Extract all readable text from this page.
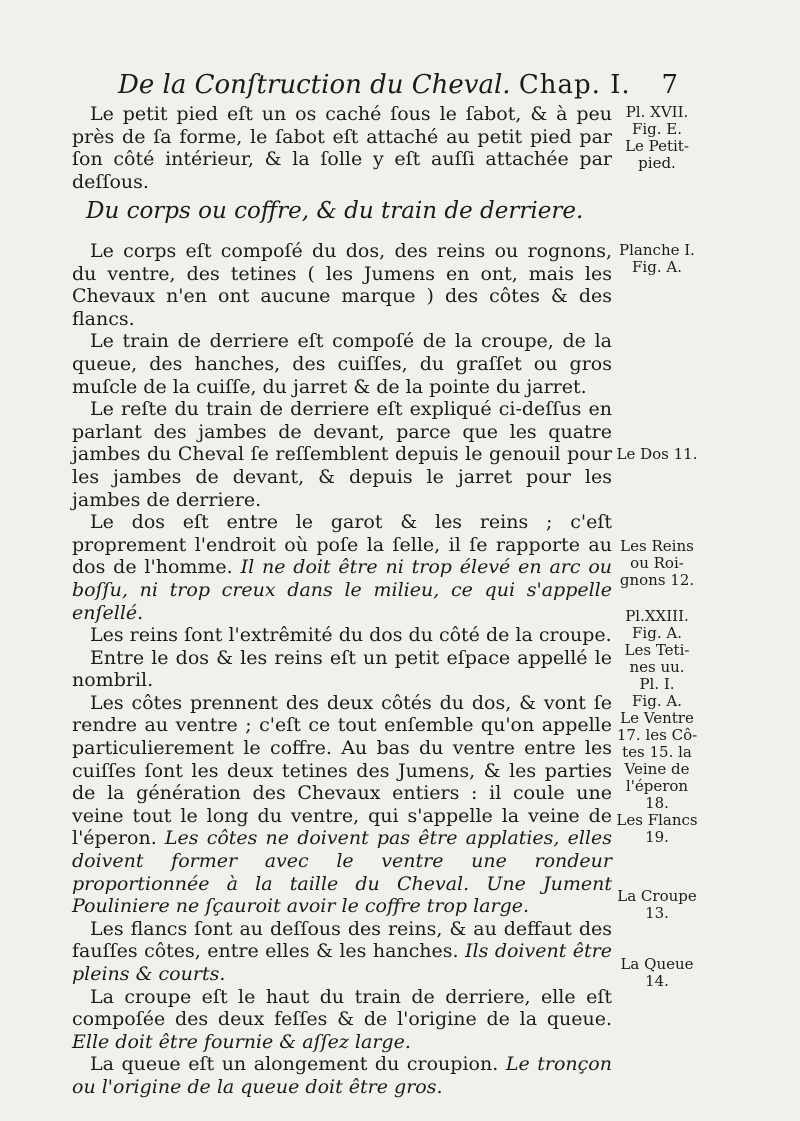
De la Conſtruction du Cheval. Chap. I. 7

Le petit pied eſt un os caché ſous le ſabot, & à peu près de ſa forme, le ſabot eſt attaché au petit pied par ſon côté intérieur, & la ſolle y eſt auſſi attachée par deſſous.

Du corps ou coffre, & du train de derriere.

Le corps eſt compoſé du dos, des reins ou rognons, du ventre, des tetines ( les Jumens en ont, mais les Chevaux n'en ont aucune marque ) des côtes & des flancs.

Le train de derriere eſt compoſé de la croupe, de la queue, des hanches, des cuiſſes, du graſſet ou gros muſcle de la cuiſſe, du jarret & de la pointe du jarret.

Le reſte du train de derriere eſt expliqué ci-deſſus en parlant des jambes de devant, parce que les quatre jambes du Cheval ſe reſſemblent depuis le genouil pour les jambes de devant, & depuis le jarret pour les jambes de derriere.

Le dos eſt entre le garot & les reins ; c'eſt proprement l'endroit où poſe la ſelle, il ſe rapporte au dos de l'homme. Il ne doit être ni trop élevé en arc ou boſſu, ni trop creux dans le milieu, ce qui s'appelle enſellé.

Les reins ſont l'extrêmité du dos du côté de la croupe.

Entre le dos & les reins eſt un petit eſpace appellé le nombril.

Les côtes prennent des deux côtés du dos, & vont ſe rendre au ventre ; c'eſt ce tout enſemble qu'on appelle particulierement le coffre. Au bas du ventre entre les cuiſſes ſont les deux tetines des Jumens, & les parties de la génération des Chevaux entiers : il coule une veine tout le long du ventre, qui s'appelle la veine de l'éperon. Les côtes ne doivent pas être applaties, elles doivent former avec le ventre une rondeur proportionnée à la taille du Cheval. Une Jument Pouliniere ne ſçauroit avoir le coffre trop large.

Les flancs ſont au deſſous des reins, & au deffaut des fauſſes côtes, entre elles & les hanches. Ils doivent être pleins & courts.

La croupe eſt le haut du train de derriere, elle eſt compoſée des deux feſſes & de l'origine de la queue. Elle doit être fournie & aſſez large.

La queue eſt un alongement du croupion. Le tronçon ou l'origine de la queue doit être gros.

Pl. XVII.
Fig. E.
Le Petit-
pied.
Planche I.
Fig. A.
Le Dos 11.
Les Reins
ou Roi-
gnons 12.
Pl.XXIII.
Fig. A.
Les Teti-
nes uu.
Pl. I.
Fig. A.
Le Ventre
17. les Cô-
tes 15. la
Veine de
l'éperon 18.
Les Flancs
19.
La Croupe
13.
La Queue
14.
